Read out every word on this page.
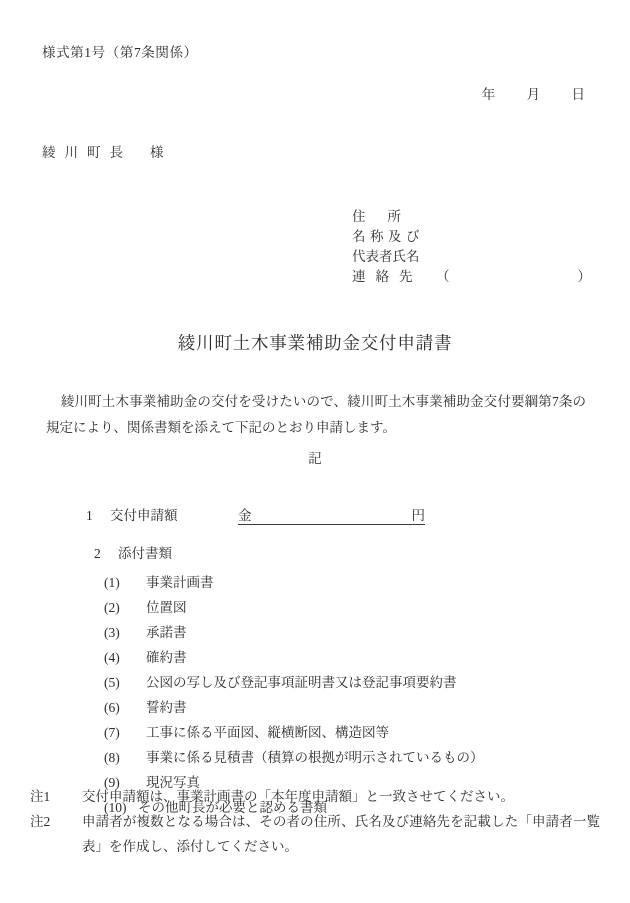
様式第1号（第7条関係）
年 月 日
綾川町長 様
住所
名称及び
代表者氏名
連絡先 （	）
綾川町土木事業補助金交付申請書
綾川町土木事業補助金の交付を受けたいので、綾川町土木事業補助金交付要綱第7条の規定により、関係書類を添えて下記のとおり申請します。
記
1 交付申請額	金	円
2 添付書類
(1) 事業計画書
(2) 位置図
(3) 承諾書
(4) 確約書
(5) 公図の写し及び登記事項証明書又は登記事項要約書
(6) 誓約書
(7) 工事に係る平面図、縦横断図、構造図等
(8) 事業に係る見積書（積算の根拠が明示されているもの）
(9) 現況写真
(10) その他町長が必要と認める書類
注1	交付申請額は、事業計画書の「本年度申請額」と一致させてください。
注2	申請者が複数となる場合は、その者の住所、氏名及び連絡先を記載した「申請者一覧表」を作成し、添付してください。
